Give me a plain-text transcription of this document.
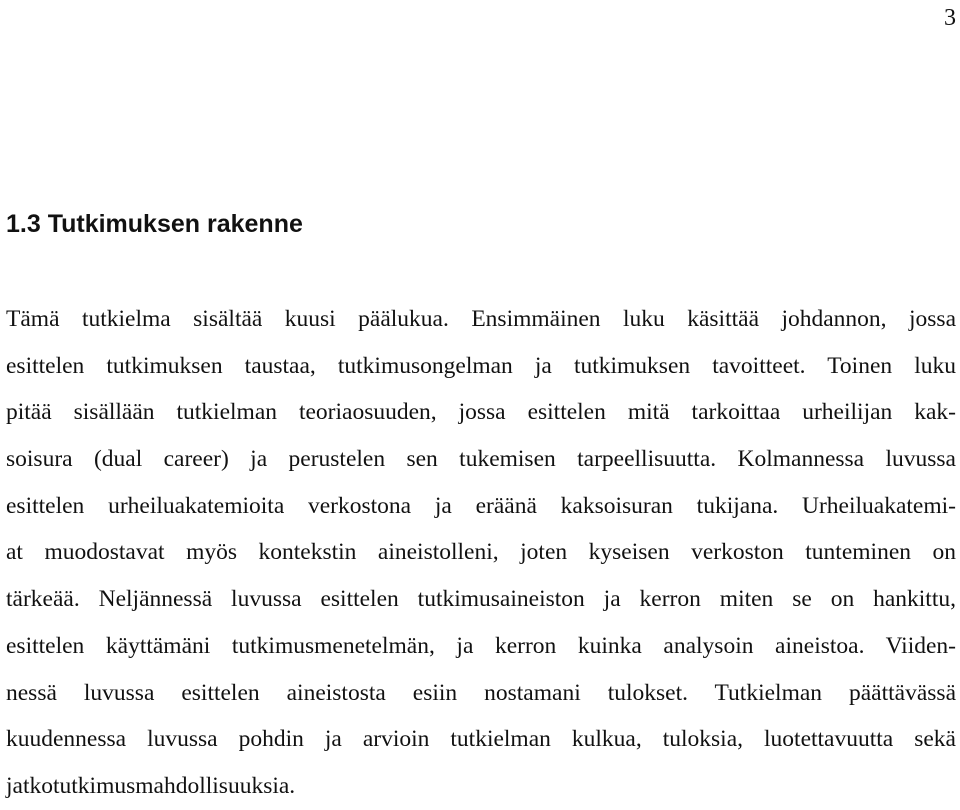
3
1.3 Tutkimuksen rakenne
Tämä tutkielma sisältää kuusi päälukua. Ensimmäinen luku käsittää johdannon, jossa
esittelen tutkimuksen taustaa, tutkimusongelman ja tutkimuksen tavoitteet. Toinen luku
pitää sisällään tutkielman teoriaosuuden, jossa esittelen mitä tarkoittaa urheilijan kak-
soisura (dual career) ja perustelen sen tukemisen tarpeellisuutta. Kolmannessa luvussa
esittelen urheiluakatemioita verkostona ja eräänä kaksoisuran tukijana. Urheiluakatemi-
at muodostavat myös kontekstin aineistolleni, joten kyseisen verkoston tunteminen on
tärkeää. Neljännessä luvussa esittelen tutkimusaineiston ja kerron miten se on hankittu,
esittelen käyttämäni tutkimusmenetelmän, ja kerron kuinka analysoin aineistoa. Viiden-
nessä luvussa esittelen aineistosta esiin nostamani tulokset. Tutkielman päättävässä
kuudennessa luvussa pohdin ja arvioin tutkielman kulkua, tuloksia, luotettavuutta sekä
jatkotutkimusmahdollisuuksia.
